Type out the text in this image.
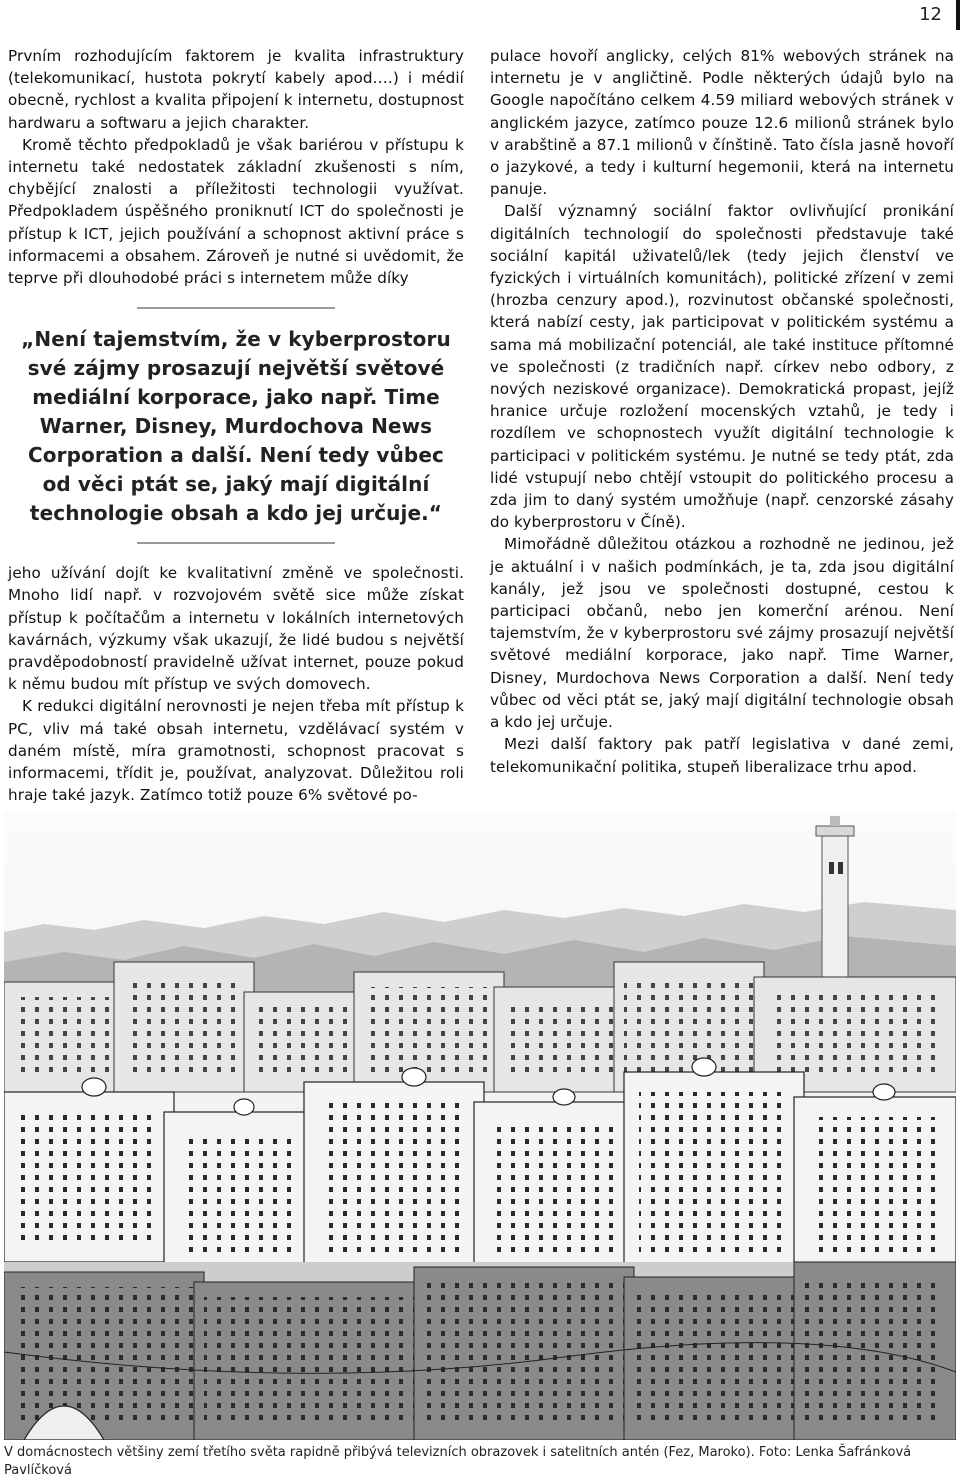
12

Prvním rozhodujícím faktorem je kvalita infrastruktury (telekomunikací, hustota pokrytí kabely apod.…) i médií obecně, rychlost a kvalita připojení k internetu, dostupnost hardwaru a softwaru a jejich charakter.

Kromě těchto předpokladů je však bariérou v přístupu k internetu také nedostatek základní zkušenosti s ním, chybějící znalosti a příležitosti technologii využívat. Předpokladem úspěšného proniknutí ICT do společnosti je přístup k ICT, jejich používání a schopnost aktivní práce s informacemi a obsahem. Zároveň je nutné si uvědomit, že teprve při dlouhodobé práci s internetem může díky

„Není tajemstvím, že v kyberprostoru své zájmy prosazují největší světové mediální korporace, jako např. Time Warner, Disney, Murdochova News Corporation a další. Není tedy vůbec od věci ptát se, jaký mají digitální technologie obsah a kdo jej určuje.“

jeho užívání dojít ke kvalitativní změně ve společnosti. Mnoho lidí např. v rozvojovém světě sice může získat přístup k počítačům a internetu v lokálních internetových kavárnách, výzkumy však ukazují, že lidé budou s největší pravděpodobností pravidelně užívat internet, pouze pokud k němu budou mít přístup ve svých domovech.

K redukci digitální nerovnosti je nejen třeba mít přístup k PC, vliv má také obsah internetu, vzdělávací systém v daném místě, míra gramotnosti, schopnost pracovat s informacemi, třídit je, používat, analyzovat. Důležitou roli hraje také jazyk. Zatímco totiž pouze 6% světové po-

pulace hovoří anglicky, celých 81% webových stránek na internetu je v angličtině. Podle některých údajů bylo na Google napočítáno celkem 4.59 miliard webových stránek v anglickém jazyce, zatímco pouze 12.6 milionů stránek bylo v arabštině a 87.1 milionů v čínštině. Tato čísla jasně hovoří o jazykové, a tedy i kulturní hegemonii, která na internetu panuje.

Další významný sociální faktor ovlivňující pronikání digitálních technologií do společnosti představuje také sociální kapitál uživatelů/lek (tedy jejich členství ve fyzických i virtuálních komunitách), politické zřízení v zemi (hrozba cenzury apod.), rozvinutost občanské společnosti, která nabízí cesty, jak participovat v politickém systému a sama má mobilizační potenciál, ale také instituce přítomné ve společnosti (z tradičních např. církev nebo odbory, z nových neziskové organizace). Demokratická propast, jejíž hranice určuje rozložení mocenských vztahů, je tedy i rozdílem ve schopnostech využít digitální technologie k participaci v politickém systému. Je nutné se tedy ptát, zda lidé vstupují nebo chtějí vstoupit do politického procesu a zda jim to daný systém umožňuje (např. cenzorské zásahy do kyberprostoru v Číně).

Mimořádně důležitou otázkou a rozhodně ne jedinou, jež je aktuální i v našich podmínkách, je ta, zda jsou digitální kanály, jež jsou ve společnosti dostupné, cestou k participaci občanů, nebo jen komerční arénou. Není tajemstvím, že v kyberprostoru své zájmy prosazují největší světové mediální korporace, jako např. Time Warner, Disney, Murdochova News Corporation a další. Není tedy vůbec od věci ptát se, jaký mají digitální technologie obsah a kdo jej určuje.

Mezi další faktory pak patří legislativa v dané zemi, telekomunikační politika, stupeň liberalizace trhu apod.

V domácnostech většiny zemí třetího světa rapidně přibývá televizních obrazovek i satelitních antén (Fez, Maroko). Foto: Lenka Šafránková Pavlíčková
